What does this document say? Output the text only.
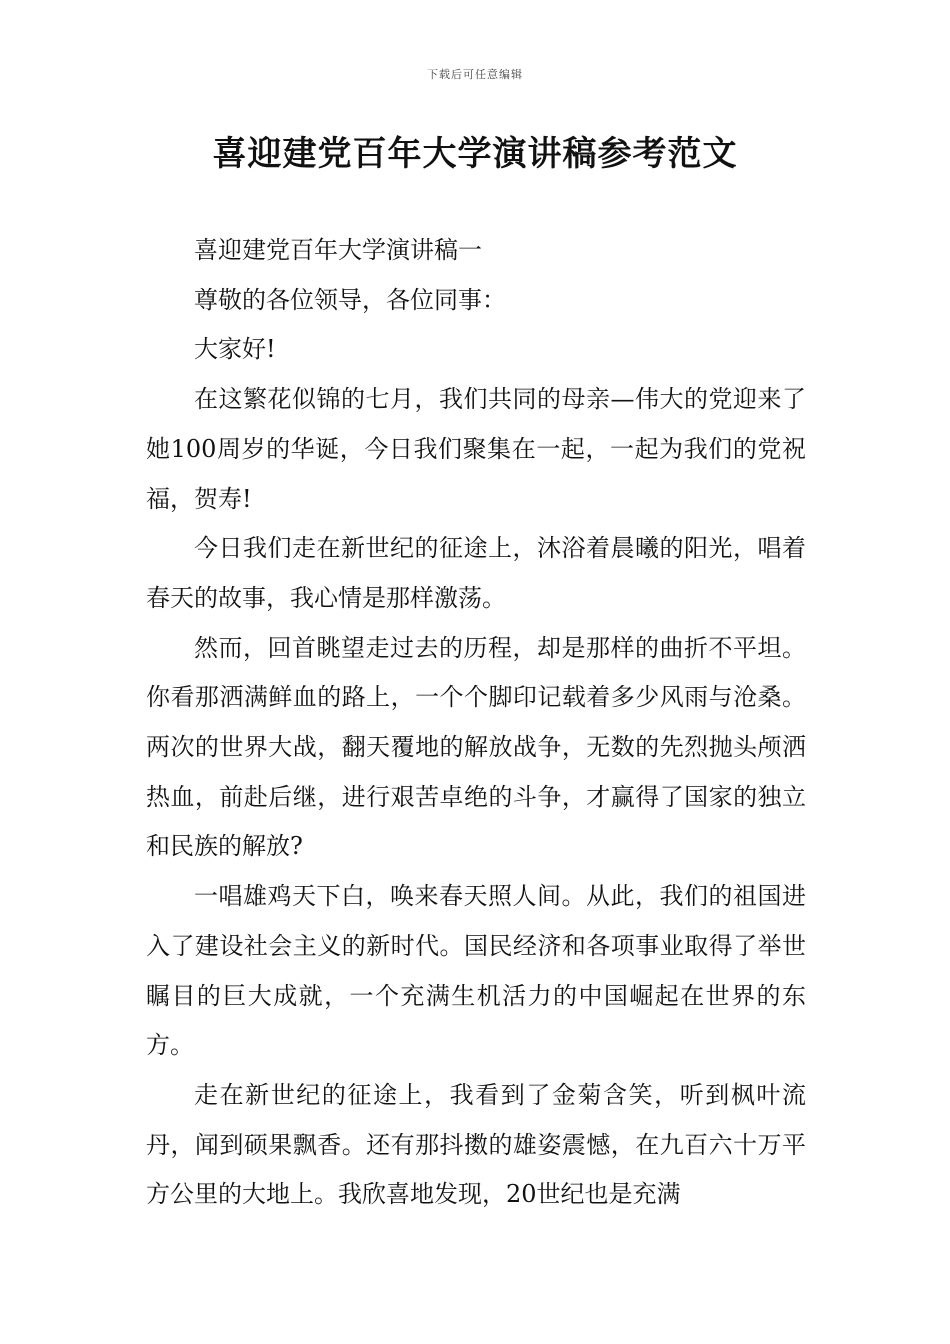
下载后可任意编辑
喜迎建党百年大学演讲稿参考范文

喜迎建党百年大学演讲稿一

尊敬的各位领导，各位同事：

大家好!

在这繁花似锦的七月，我们共同的母亲—伟大的党迎来了她100周岁的华诞，今日我们聚集在一起，一起为我们的党祝福，贺寿!

今日我们走在新世纪的征途上，沐浴着晨曦的阳光，唱着春天的故事，我心情是那样激荡。

然而，回首眺望走过去的历程，却是那样的曲折不平坦。你看那洒满鲜血的路上，一个个脚印记载着多少风雨与沧桑。两次的世界大战，翻天覆地的解放战争，无数的先烈抛头颅洒热血，前赴后继，进行艰苦卓绝的斗争，才赢得了国家的独立和民族的解放?

一唱雄鸡天下白，唤来春天照人间。从此，我们的祖国进入了建设社会主义的新时代。国民经济和各项事业取得了举世瞩目的巨大成就，一个充满生机活力的中国崛起在世界的东方。

走在新世纪的征途上，我看到了金菊含笑，听到枫叶流丹，闻到硕果飘香。还有那抖擞的雄姿震憾，在九百六十万平方公里的大地上。我欣喜地发现，20世纪也是充满
